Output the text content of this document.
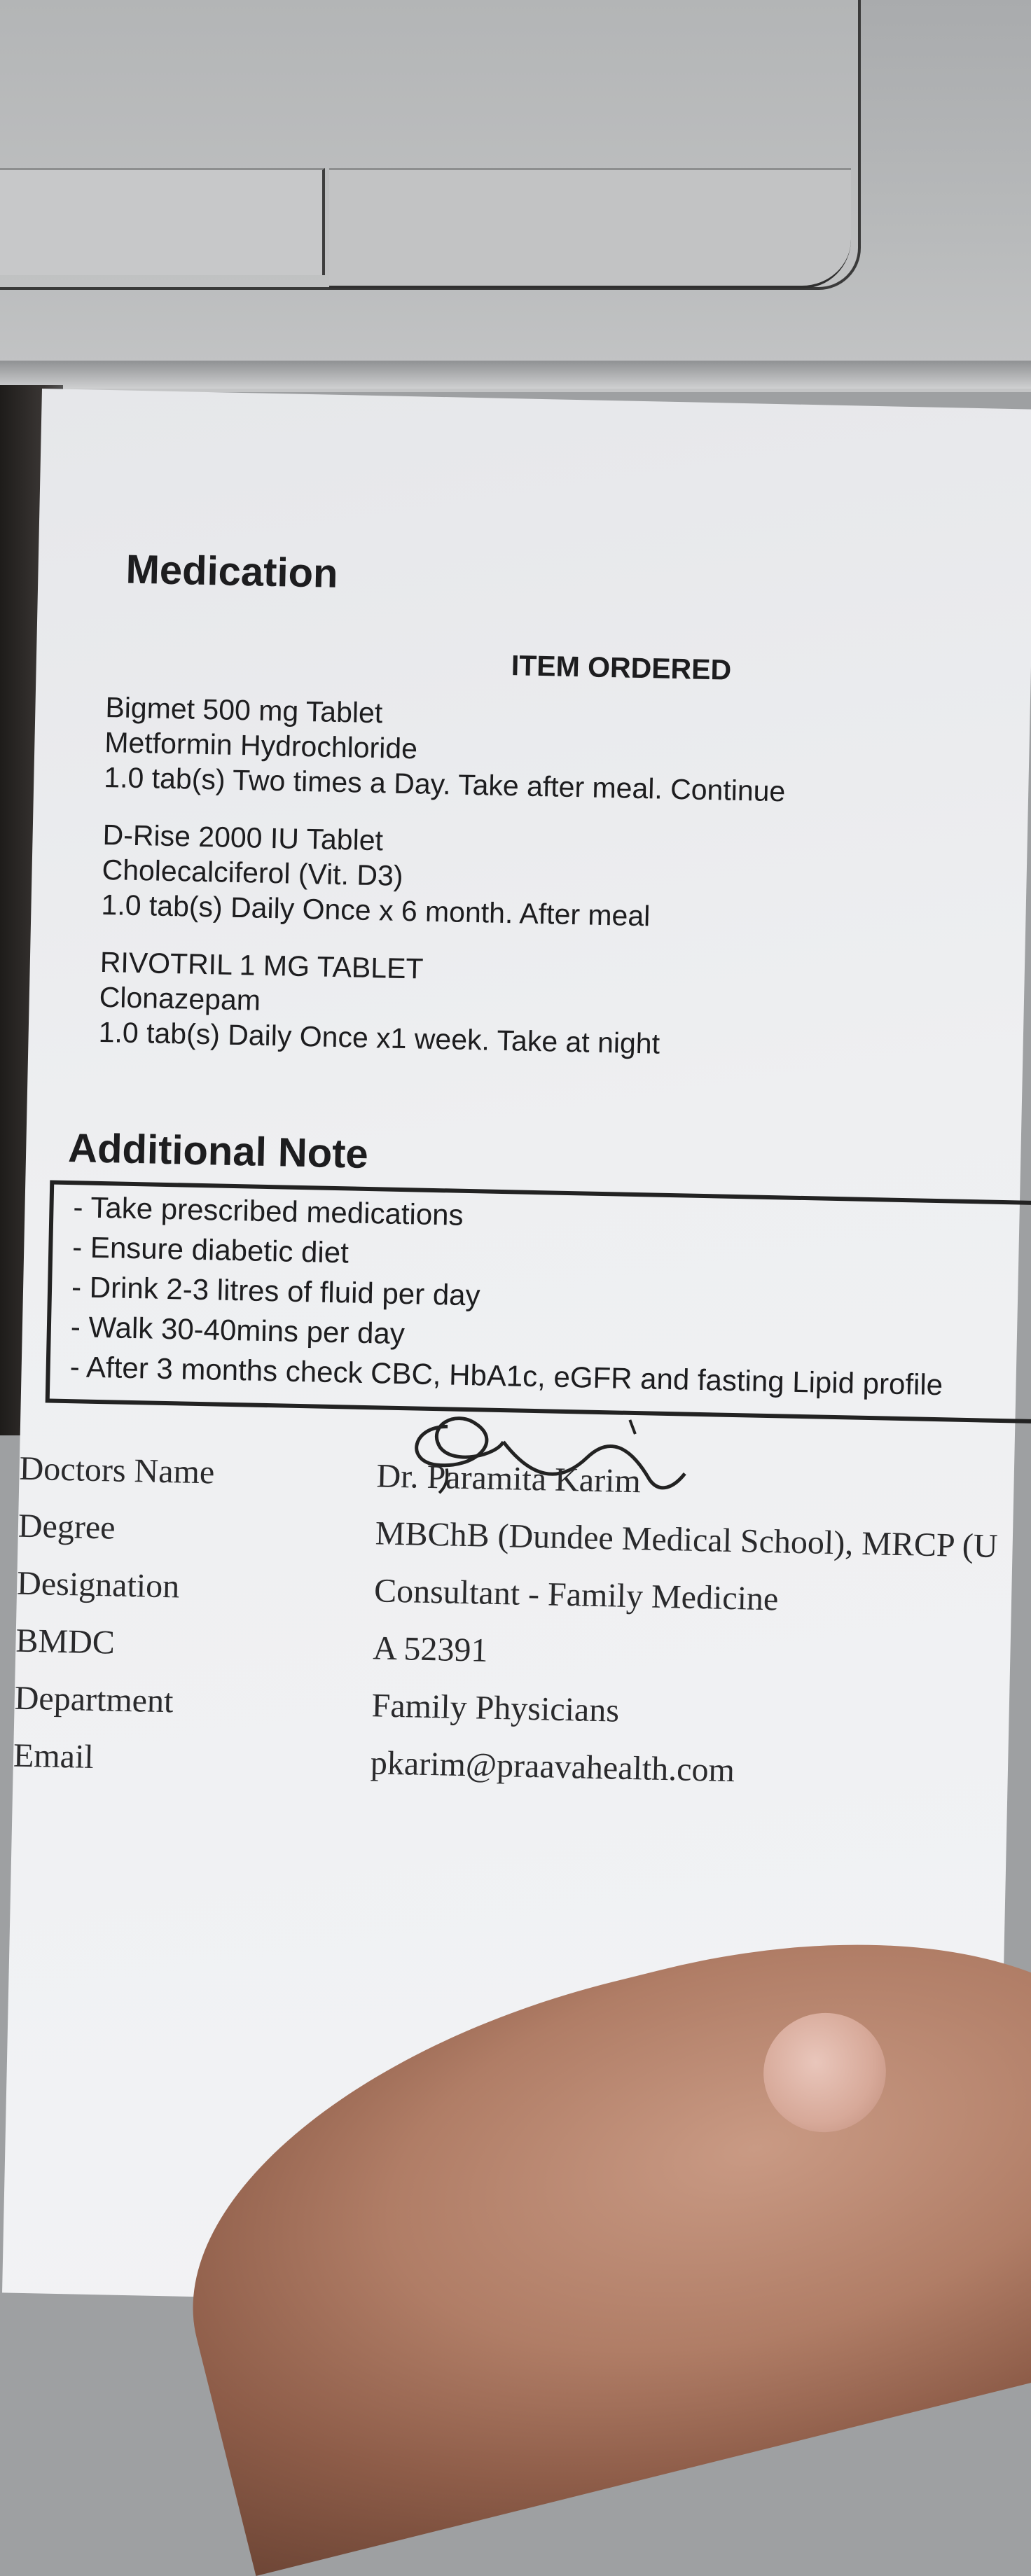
Medication
ITEM ORDERED
Bigmet 500 mg Tablet
Metformin Hydrochloride
1.0 tab(s) Two times a Day. Take after meal. Continue
D-Rise 2000 IU Tablet
Cholecalciferol (Vit. D3)
1.0 tab(s) Daily Once x 6 month. After meal
RIVOTRIL 1 MG TABLET
Clonazepam
1.0 tab(s) Daily Once x1 week. Take at night
Additional Note
- Take prescribed medications
- Ensure diabetic diet
- Drink 2-3 litres of fluid per day
- Walk 30-40mins per day
- After 3 months check CBC, HbA1c, eGFR and fasting Lipid profile
Doctors Name	Dr. Paramita Karim
Degree	MBChB (Dundee Medical School), MRCP (U
Designation	Consultant - Family Medicine
BMDC	A 52391
Department	Family Physicians
Email	pkarim@praavahealth.com
